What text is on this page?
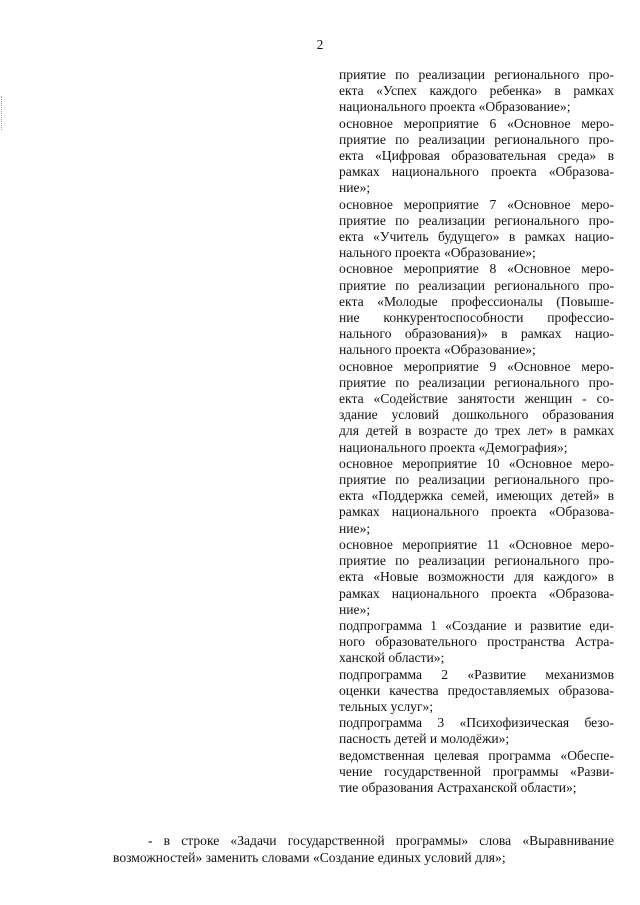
2
приятие по реализации регионального про-
екта «Успех каждого ребенка» в рамках
национального проекта «Образование»;
основное мероприятие 6 «Основное меро-
приятие по реализации регионального про-
екта «Цифровая образовательная среда» в
рамках национального проекта «Образова-
ние»;
основное мероприятие 7 «Основное меро-
приятие по реализации регионального про-
екта «Учитель будущего» в рамках нацио-
нального проекта «Образование»;
основное мероприятие 8 «Основное меро-
приятие по реализации регионального про-
екта «Молодые профессионалы (Повыше-
ние конкурентоспособности профессио-
нального образования)» в рамках нацио-
нального проекта «Образование»;
основное мероприятие 9 «Основное меро-
приятие по реализации регионального про-
екта «Содействие занятости женщин - со-
здание условий дошкольного образования
для детей в возрасте до трех лет» в рамках
национального проекта «Демография»;
основное мероприятие 10 «Основное меро-
приятие по реализации регионального про-
екта «Поддержка семей, имеющих детей» в
рамках национального проекта «Образова-
ние»;
основное мероприятие 11 «Основное меро-
приятие по реализации регионального про-
екта «Новые возможности для каждого» в
рамках национального проекта «Образова-
ние»;
подпрограмма 1 «Создание и развитие еди-
ного образовательного пространства Астра-
ханской области»;
подпрограмма 2 «Развитие механизмов
оценки качества предоставляемых образова-
тельных услуг»;
подпрограмма 3 «Психофизическая безо-
пасность детей и молодёжи»;
ведомственная целевая программа «Обеспе-
чение государственной программы «Разви-
тие образования Астраханской области»;
- в строке «Задачи государственной программы» слова «Выравнивание
возможностей» заменить словами «Создание единых условий для»;
